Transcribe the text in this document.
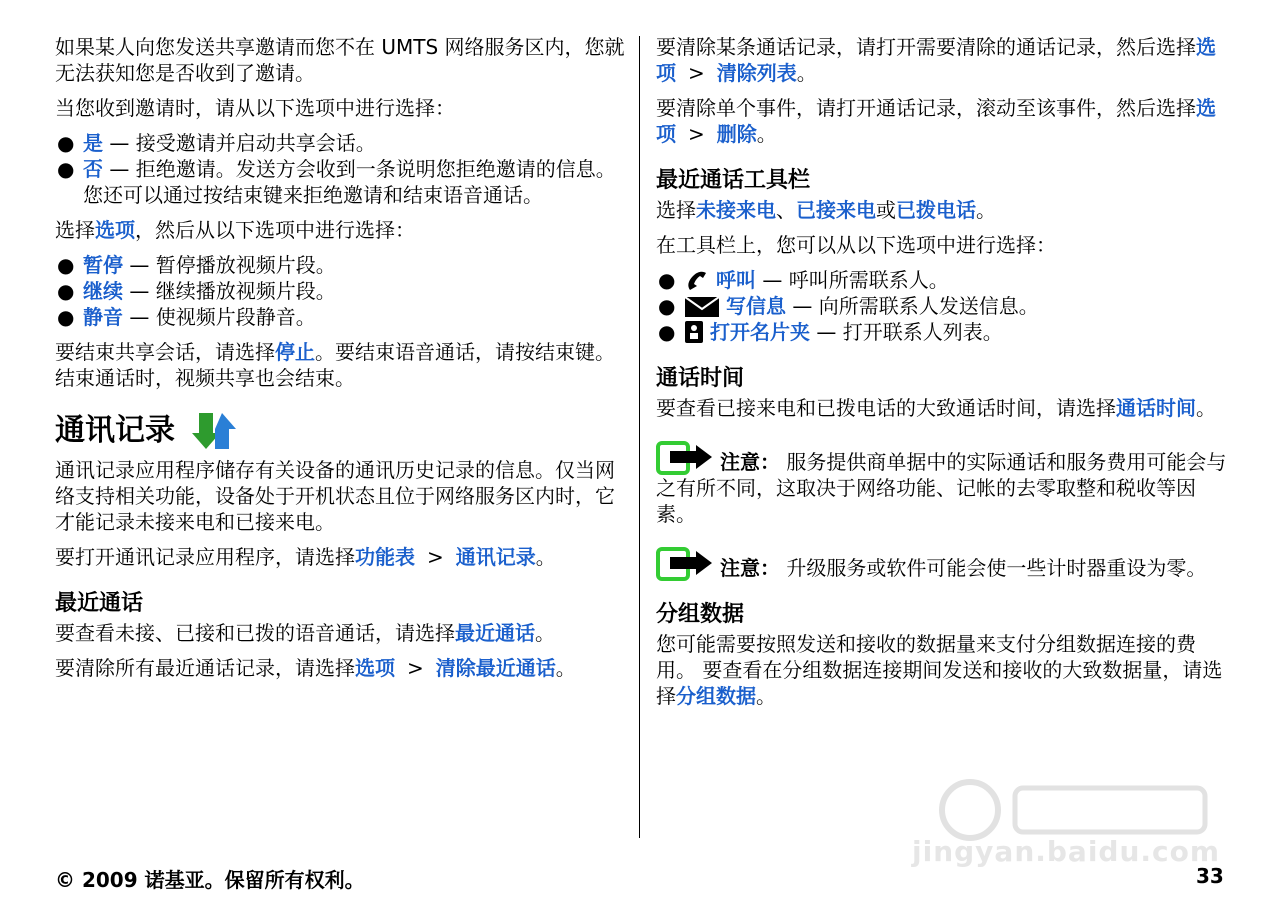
如果某人向您发送共享邀请而您不在 UMTS 网络服务区内，您就无法获知您是否收到了邀请。

当您收到邀请时，请从以下选项中进行选择：

● 是 — 接受邀请并启动共享会话。
● 否 — 拒绝邀请。发送方会收到一条说明您拒绝邀请的信息。您还可以通过按结束键来拒绝邀请和结束语音通话。

选择选项，然后从以下选项中进行选择：

● 暂停 — 暂停播放视频片段。
● 继续 — 继续播放视频片段。
● 静音 — 使视频片段静音。

要结束共享会话，请选择停止。要结束语音通话，请按结束键。结束通话时，视频共享也会结束。

通讯记录

通讯记录应用程序储存有关设备的通讯历史记录的信息。仅当网络支持相关功能，设备处于开机状态且位于网络服务区内时，它才能记录未接来电和已接来电。

要打开通讯记录应用程序，请选择功能表 > 通讯记录。

最近通话

要查看未接、已接和已拨的语音通话，请选择最近通话。

要清除所有最近通话记录，请选择选项 > 清除最近通话。

要清除某条通话记录，请打开需要清除的通话记录，然后选择选项 > 清除列表。

要清除单个事件，请打开通话记录，滚动至该事件，然后选择选项 > 删除。

最近通话工具栏

选择未接来电、已接来电或已拨电话。

在工具栏上，您可以从以下选项中进行选择：

● 呼叫 — 呼叫所需联系人。
●	写信息 — 向所需联系人发送信息。
● 打开名片夹 — 打开联系人列表。
通话时间

要查看已接来电和已拨电话的大致通话时间，请选择通话时间。

注意： 服务提供商单据中的实际通话和服务费用可能会与之有所不同，这取决于网络功能、记帐的去零取整和税收等因素。

注意： 升级服务或软件可能会使一些计时器重设为零。

分组数据

您可能需要按照发送和接收的数据量来支付分组数据连接的费用。 要查看在分组数据连接期间发送和接收的大致数据量，请选择分组数据。

jingyan.baidu.com
© 2009 诺基亚。保留所有权利。	33
